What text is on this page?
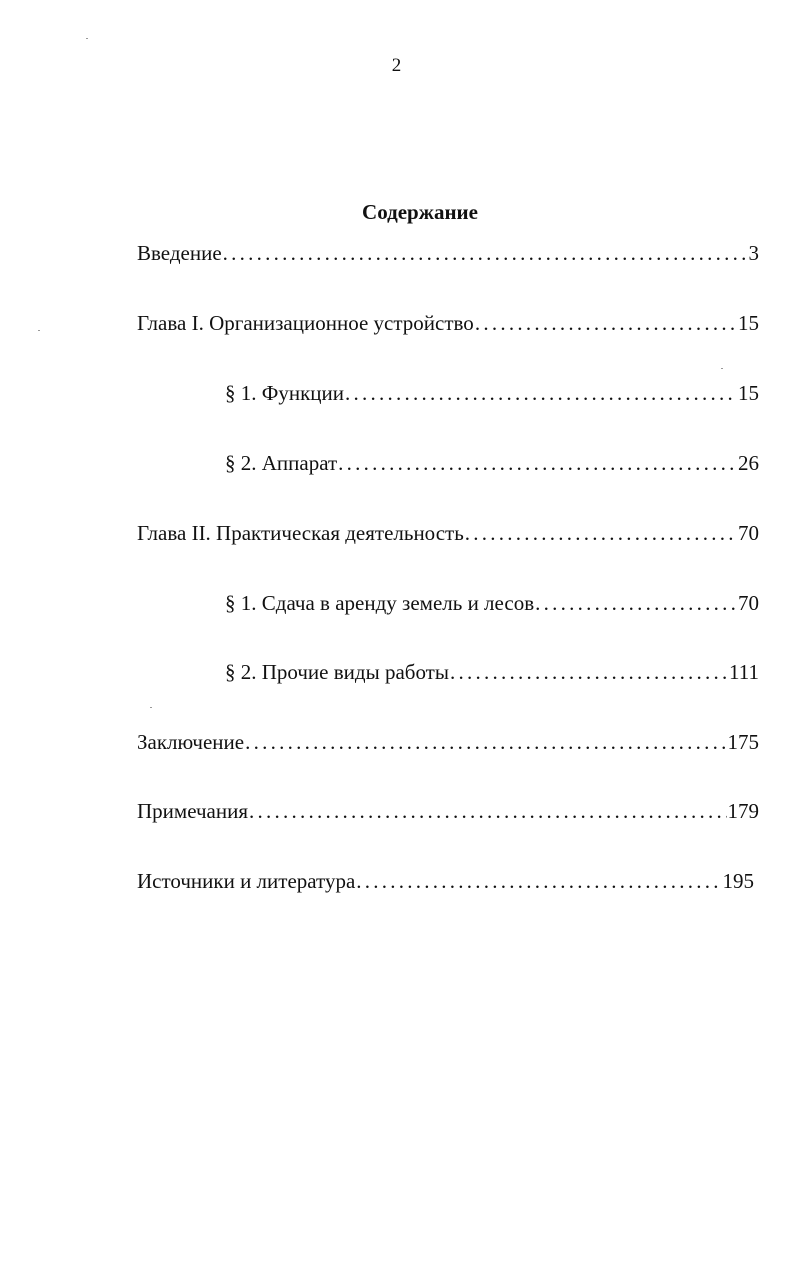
2
Содержание
Введение . . .	3
Глава I. Организационное устройство . . .	15
§ 1. Функции . . .	15
§ 2. Аппарат . . .	26
Глава II. Практическая деятельность . . .	70
§ 1. Сдача в аренду земель и лесов . . .	70
§ 2. Прочие виды работы . . .	111
Заключение . . .	175
Примечания . . .	179
Источники и литература . . .	195
